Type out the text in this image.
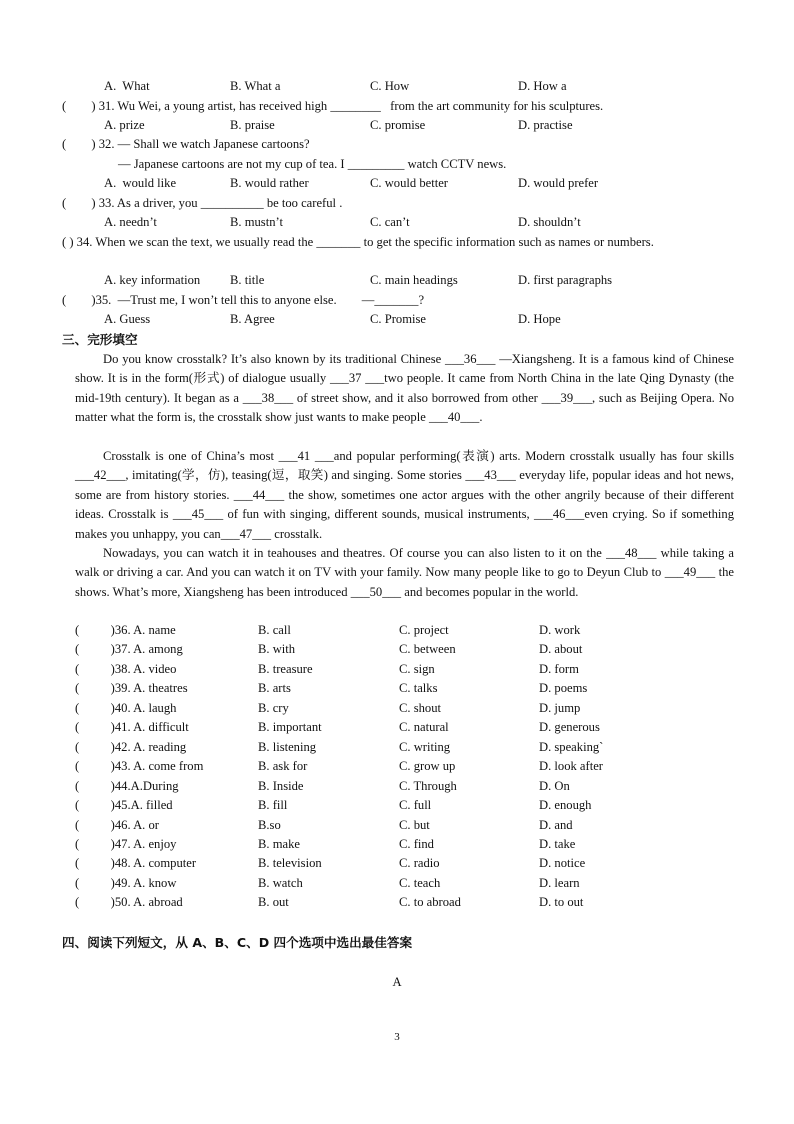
A.  What	B. What a	C. How	D. How a
(        ) 31. Wu Wei, a young artist, has received high ________   from the art community for his sculptures.
A. prize	B. praise	C. promise	D. practise
(        ) 32. — Shall we watch Japanese cartoons?
— Japanese cartoons are not my cup of tea. I _________ watch CCTV news.
A.  would like	B. would rather	C. would better	D. would prefer
(        ) 33. As a driver, you __________ be too careful .
A. needn’t	B. mustn’t	C. can’t	D. shouldn’t
( ) 34. When we scan the text, we usually read the _______ to get the specific information such as names or numbers.
A. key information B. title	C. main headings	D. first paragraphs
(        )35.  —Trust me, I won’t tell this to anyone else.        —_______?
A. Guess	B. Agree	C. Promise	D. Hope
三、完形填空
Do you know crosstalk? It’s also known by its traditional Chinese ___36___ —Xiangsheng. It is a famous kind of Chinese show. It is in the form(形式) of dialogue usually ___37 ___two people. It came from North China in the late Qing Dynasty (the mid-19th century). It began as a ___38___ of street show, and it also borrowed from other ___39___, such as Beijing Opera. No matter what the form is, the crosstalk show just wants to make people ___40___.
Crosstalk is one of China’s most ___41 ___and popular performing(表演) arts. Modern crosstalk usually has four skills ___42___, imitating(学，仿), teasing(逗，取笑) and singing. Some stories ___43___ everyday life, popular ideas and hot news, some are from history stories. ___44___ the show, sometimes one actor argues with the other angrily because of their different ideas. Crosstalk is ___45___ of fun with singing, different sounds, musical instruments, ___46___even crying. So if something makes you unhappy, you can___47___ crosstalk.
Nowadays, you can watch it in teahouses and theatres. Of course you can also listen to it on the ___48___ while taking a walk or driving a car. And you can watch it on TV with your family. Now many people like to go to Deyun Club to ___49___ the shows. What’s more, Xiangsheng has been introduced ___50___ and becomes popular in the world.
(          )36. A. name	B. call	C. project	D. work
(          )37. A. among	B. with	C. between	D. about
(          )38. A. video	B. treasure	C. sign	D. form
(          )39. A. theatres	B. arts	C. talks	D. poems
(          )40. A. laugh	B. cry	C. shout	D. jump
(          )41. A. difficult	B. important	C. natural	D. generous
(          )42. A. reading	B. listening	C. writing	D. speaking`
(          )43. A. come from	B. ask for	C. grow up	D. look after
(          )44.A.During	B. Inside	C. Through	D. On
(          )45.A. filled	B. fill	C. full	D. enough
(          )46. A. or	B.so	C. but	D. and
(          )47. A. enjoy	B. make	C. find	D. take
(          )48. A. computer	B. television	C. radio	D. notice
(          )49. A. know	B. watch	C. teach	D. learn
(          )50. A. abroad	B. out	C. to abroad	D. to out
四、阅读下列短文，从 A、B、C、D 四个选项中选出最佳答案
A
3
